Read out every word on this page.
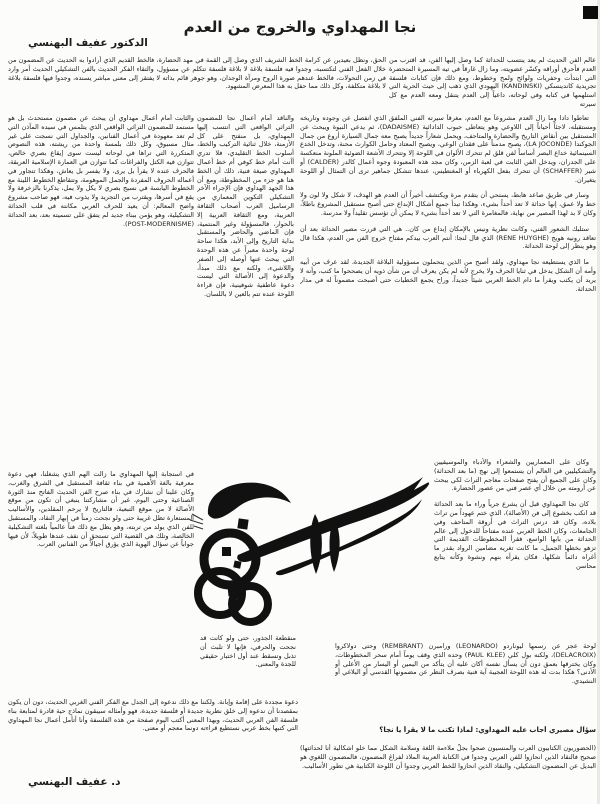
نجا المهداوي والخروج من العدم
الدكتور عفيف البهنسي
الحق، ونظل بعيدين عن كرامة الخط الشريف الذي وصل إلى القمة في مهد الحضارة، فالخط القديم الذي أرادوا به الحديث عن المضمون من خلال الفعل الفني لتكتسبه، وجدوا فيه فلسفة بلاغة لا بلاغة فلسفة تتكلم عن مسؤول، والتقاء الفكر الحديث بالفن التشكيلي الحديث أمر وارد في زمن التحولات، فالخط عندهم صورة الروح ومرآة الوجدان، وهو جوهر قائم بذاته لا يفتقر إلى معنى مباشر يسنده، وجدوا فيها فلسفة بلاغة لا بلاغة متكلفة، وكل ذلك مما حفل به هذا المعرض المشهود.
عالم الفن الحديث لم يعد ينتسب للحداثة كما وصل إليها الفن، قد اقترب من العدم فأحرق أوراقه وكسّر عضويته، وما زال غارقاً في تيه المسيرة المتحضرة التي ابتدأت وحفريات ولوائح ولمح وخطوط، ومع ذلك فإن كتابات فلسفة تجريدية كاندينسكي (KANDINSKI) اليهودي الذي ذهب إلى حيث الحرية التي استلهمها في كتابه وفي لوحاته، داعياً إلى العدم يتنقل ومعه العدم مع كل سيرته

تعاطوا دادا وما زال العدم مشروعاً مع العدم، مغرقاً سيرته الفني الملفق الذي انفصل عن وجوده وتاريخه ومستقبله، لاجئاً أحياناً إلى اللاوعي وهو يتعاطى حبوب الدادائية (DADAISME)، ثم يدعي النبوة ويبحث عن المستقبل بين أنقاض التاريخ والحضارة والمتاحف، ويحمل شعاراً جديداً يصبح معه جمال السيارة أروع من جمال الجوكندا (LA JOCONDE)، يصبح مدمناً على فقدان الوعي، ويصبح المعتاد وحامل الكوارث محنة، وتدخل الخدع السينمائية خداع البصر أساساً لفن قلق لم تتحرك الألوان في اللوحة إلا وتتحرك الأشعة الضوئية الملونة منعكسة على الجدران، ويدخل الفن الثابت في لعبة الزمن، وكان مجد هذه المعبودة وجوه أعمال كالدر (CALDER) أو شير (SCHAFFER) أن تتحرك بفعل الكهرباء أو المغنطيس، عندها تتشكل جماهير ترى أن التمثال أو اللوحة يتغيران.

وسار في طريق صاعد هابط، يستحي أن يتقدم مرة ويكتشف أخيراً أن العدم هو الهدف، لا شكل ولا لون ولا خط ولا عمق، إنها حداثة لا تعد أحداً بشيء، وهكذا تبدأ جميع أشكال الإبداع حتى أصبح مستقبل المشروع باطلاً، وكان لا بد لهذا المصير من نهاية، فالمغامرة التي لا تعد أحداً بشيء لا يمكن أن تؤسس تقليداً ولا مدرسة.

ستلبك الشعور الفني، وكانت نظرية ونيس بالإمكان إبداع من كان.. هي التي قررت مصير الحداثة بعد أن تعاقد رونيه هويج (RENE HUYGHE) الذي قال لنجا: أنتم العرب بيدكم مفتاح خروج الفن من العدم، هكذا قال وهو ينظر إلى لوحة الحداثة.

ما الذي يستطيعه نجا مهداوي، ولقد أصبح من الذين يتحملون مسؤولية البلاغة الجديدة، لقد عرف من أبيه وأمه أن الشكل يدخل في ثنايا الحرف ولا يخرج لأنه لم يكن يعرف أن من شأن ذويه أن يصححوا ما كتب، وأنه لا يريد أن يكتب ويقرأ ما دام الخط العربي شيئاً جديداً، وراح يجمع الخطيات حتى أصبحت مضموناً له في مدار الحداثة.

والناقد أمام أعمال نجا للمضمون التراثي الواقعي التي انتسب إليها المهداوي، بل منفتح على كل الأزمنة، خلال ثنائية التركيب والخط، أسلوب الخط التقليدي، فلا تدري أأنت أمام خط كوفي أم خط أعمال المهداوي صيغة فنية، ذلك أن الخط هنا هو جزء من المخطوطة، ومع أن هذا الجهد الهداوي فإن الإجراء الآخر التشكيلي التكوين المعماري من الرساميل العرب أصحاب الثقافة العربية، ومع الثقافة العربية إلا بالحوار، فالمسؤولة وغير المنتمية، فإن الماضي والحاضر والمستقبل بداية التاريخ وإلى الأبد، هكذا ساحة لوحة واحدة معبراً عن هذه الوحدة التي يبحث عنها أوصله إلى الصفر واللاشيء، ولكنه مع ذلك مبدأ، والدعوة إلى الأصالة التي ليست دعوة عاطفية شوفينية، فإن قراءة اللوحة عنده تتم بالعين لا باللسان.
والثابت أمام أعمال مهداوي أن يبحث عن مضمون مستحدث بل هو مستمد للمضمون التراثي الواقعي الذي يتلمس في سيده المآذن التي لم تعد معهودة في أعمال الفنانين، والجداول التي نسجت على غير مثال مسبوق، وكل ذلك بلمسة واحدة من ريشته، هذه النصوص المتكررة التي تراها في لوحاته ليست سوى إيقاع بصري خالص، تتوازن فيه الكتل والفراغات كما تتوازن في العمارة الإسلامية العريقة، فالحرف عنده لا يقرأ بل يرى، ولا يفسر بل يعاش، وهكذا تتجاور في أعماله الحروف المفردة والجمل الموهومة، وتتقاطع الخطوط اللينة مع الخطوط اليابسة في نسيج بصري لا يكل ولا يمل، يذكرنا بالزخرفة ولا يقع في أسرها، ويقترب من التجريد ولا يذوب فيه، فهو صاحب مشروع واضح المعالم: أن يعيد للحرف العربي مكانته في قلب الحداثة التشكيلية، وهو يؤمن ببناء جديد لم يتفق على تسميته بعد، بعد الحداثة (POST-MODERNISME).
في استجابة إليها المهداوي ما زالت الهم الذي يشغلنا، فهي دعوة معرفية بالغة الأهمية في بناء ثقافة المستقبل في الشرق والغرب، وكان علينا أن نشارك في بناء صرح الفن الحديث الفاتح منذ الثورة الصناعية وحتى اليوم، غير أن مشاركتنا ينبغي أن تكون من موقع الأصالة لا من موقع التبعية، فالتاريخ لا يرحم المقلدين، والأساليب المستعارة تظل غريبة حتى ولو نجحت زمناً في إبهار النقاد، والمستقبل للفن الذي يولد من تربته، وهو يظل مع ذلك فناً عالمياً بلغته التشكيلية الخالصة، وتلك هي القضية التي تستحق أن نقف عندها طويلاً، لأن فيها جواباً عن سؤال الهوية الذي يؤرق أجيالاً من الفنانين العرب.

وكان على المعماريين والشعراء والأدباء والموسيقيين والتشكيليين في العالم أن يستمعوا إلى نهج (ما بعد الحداثة) وكان على الجميع أن يفتح صفحات معاجم التراث لكي يبحث عن أرومته من خلال أي عصر فني من عصور الحضارة.

كان نجا المهداوي قبل أن يشرع جرياً وراء ما بعد الحداثة قد انكب بخشوع إلى فن (الأصالة)، الذي ختم عهوداً من تراث بلاده، وكان قد درس التراث في أروقة المتاحف وفي الجامعات، وكان الخط العربي عنده مفتاحاً للدخول إلى عالم الحداثة من بابها الواسع، فقرأ المخطوطات القديمة التي تزهو بخطها الجميل، ما كانت تغريه مضامين الرواد بقدر ما أغراه دائماً شكلها، فكان يقرأه بنهم ونشوة وكأنه يتابع محاسن

منقطعة الجذور، حتى ولو كانت قد نجحت والحرفي، فإنها لا تلبث أن تذبل وتسقط عند أول اختبار حقيقي للجدة والمعنى.
لوحة عجز عن رسمها ليوناردو (LEONARDO) ورامبرن (REMBRANT) وحتى دولاكروا (DELACROIX)، ولكنه بول كلي (PAUL KLEE) وحده الذي وقف يوماً أمام سحر المخطوطات، وكان يخترقها بعمق دون أن يسأل نفسه أكان عليه أن يتأكد من اليمين أو اليسار من الأعلى أو الأدنى؟ هكذا بدت له هذه اللوحة العجيبة آية فنية بصرف النظر عن مضمونها القدسي أو البلاغي أو النشيدي.
سؤال مصيري أجاب عليه المهداوي: لماذا تكتب ما لا يقرأ يا نجا؟
(الحضوريون الكتابيون العرب والمنسيون صحوا بجلّ ملاءمة اللغة وسلامة الشكل مما خلو اشكالية أنا لحداثتها) صحيح فالنقاد الذين انحازوا للفن العربي وجدوا في الكتابة العربية الملاذ لفراغ المضمون، فالمضمون اللغوي هو البديل عن المضمون التشكيلي، والنقاد الذين انحازوا للخط العربي وجدوا أن اللوحة الكتابية هي تطور الأساليب.
دعوة مجددة على إقامة وإبانة. ولكننا مع ذلك ندعوه إلى الجدل مع الفكر الفني الغربي الحديث، دون أن يكون بمقصدنا أن ندعوه إلى خلق نظرية جديدة أو فلسفة جديدة، فهو وأمثاله سيبقون نماذج حية قادرة لمتابعة بناء فلسفة الفن العربي الحديث، وبهذا المعنى أكتب اليوم صفحة من هذه الفلسفة وأنا أتأمل أعمال نجا المهداوي التي كتبها بخط عربي نستطيع قراءته دونما معجم أو معنى.
د. عفيف البهنسي
